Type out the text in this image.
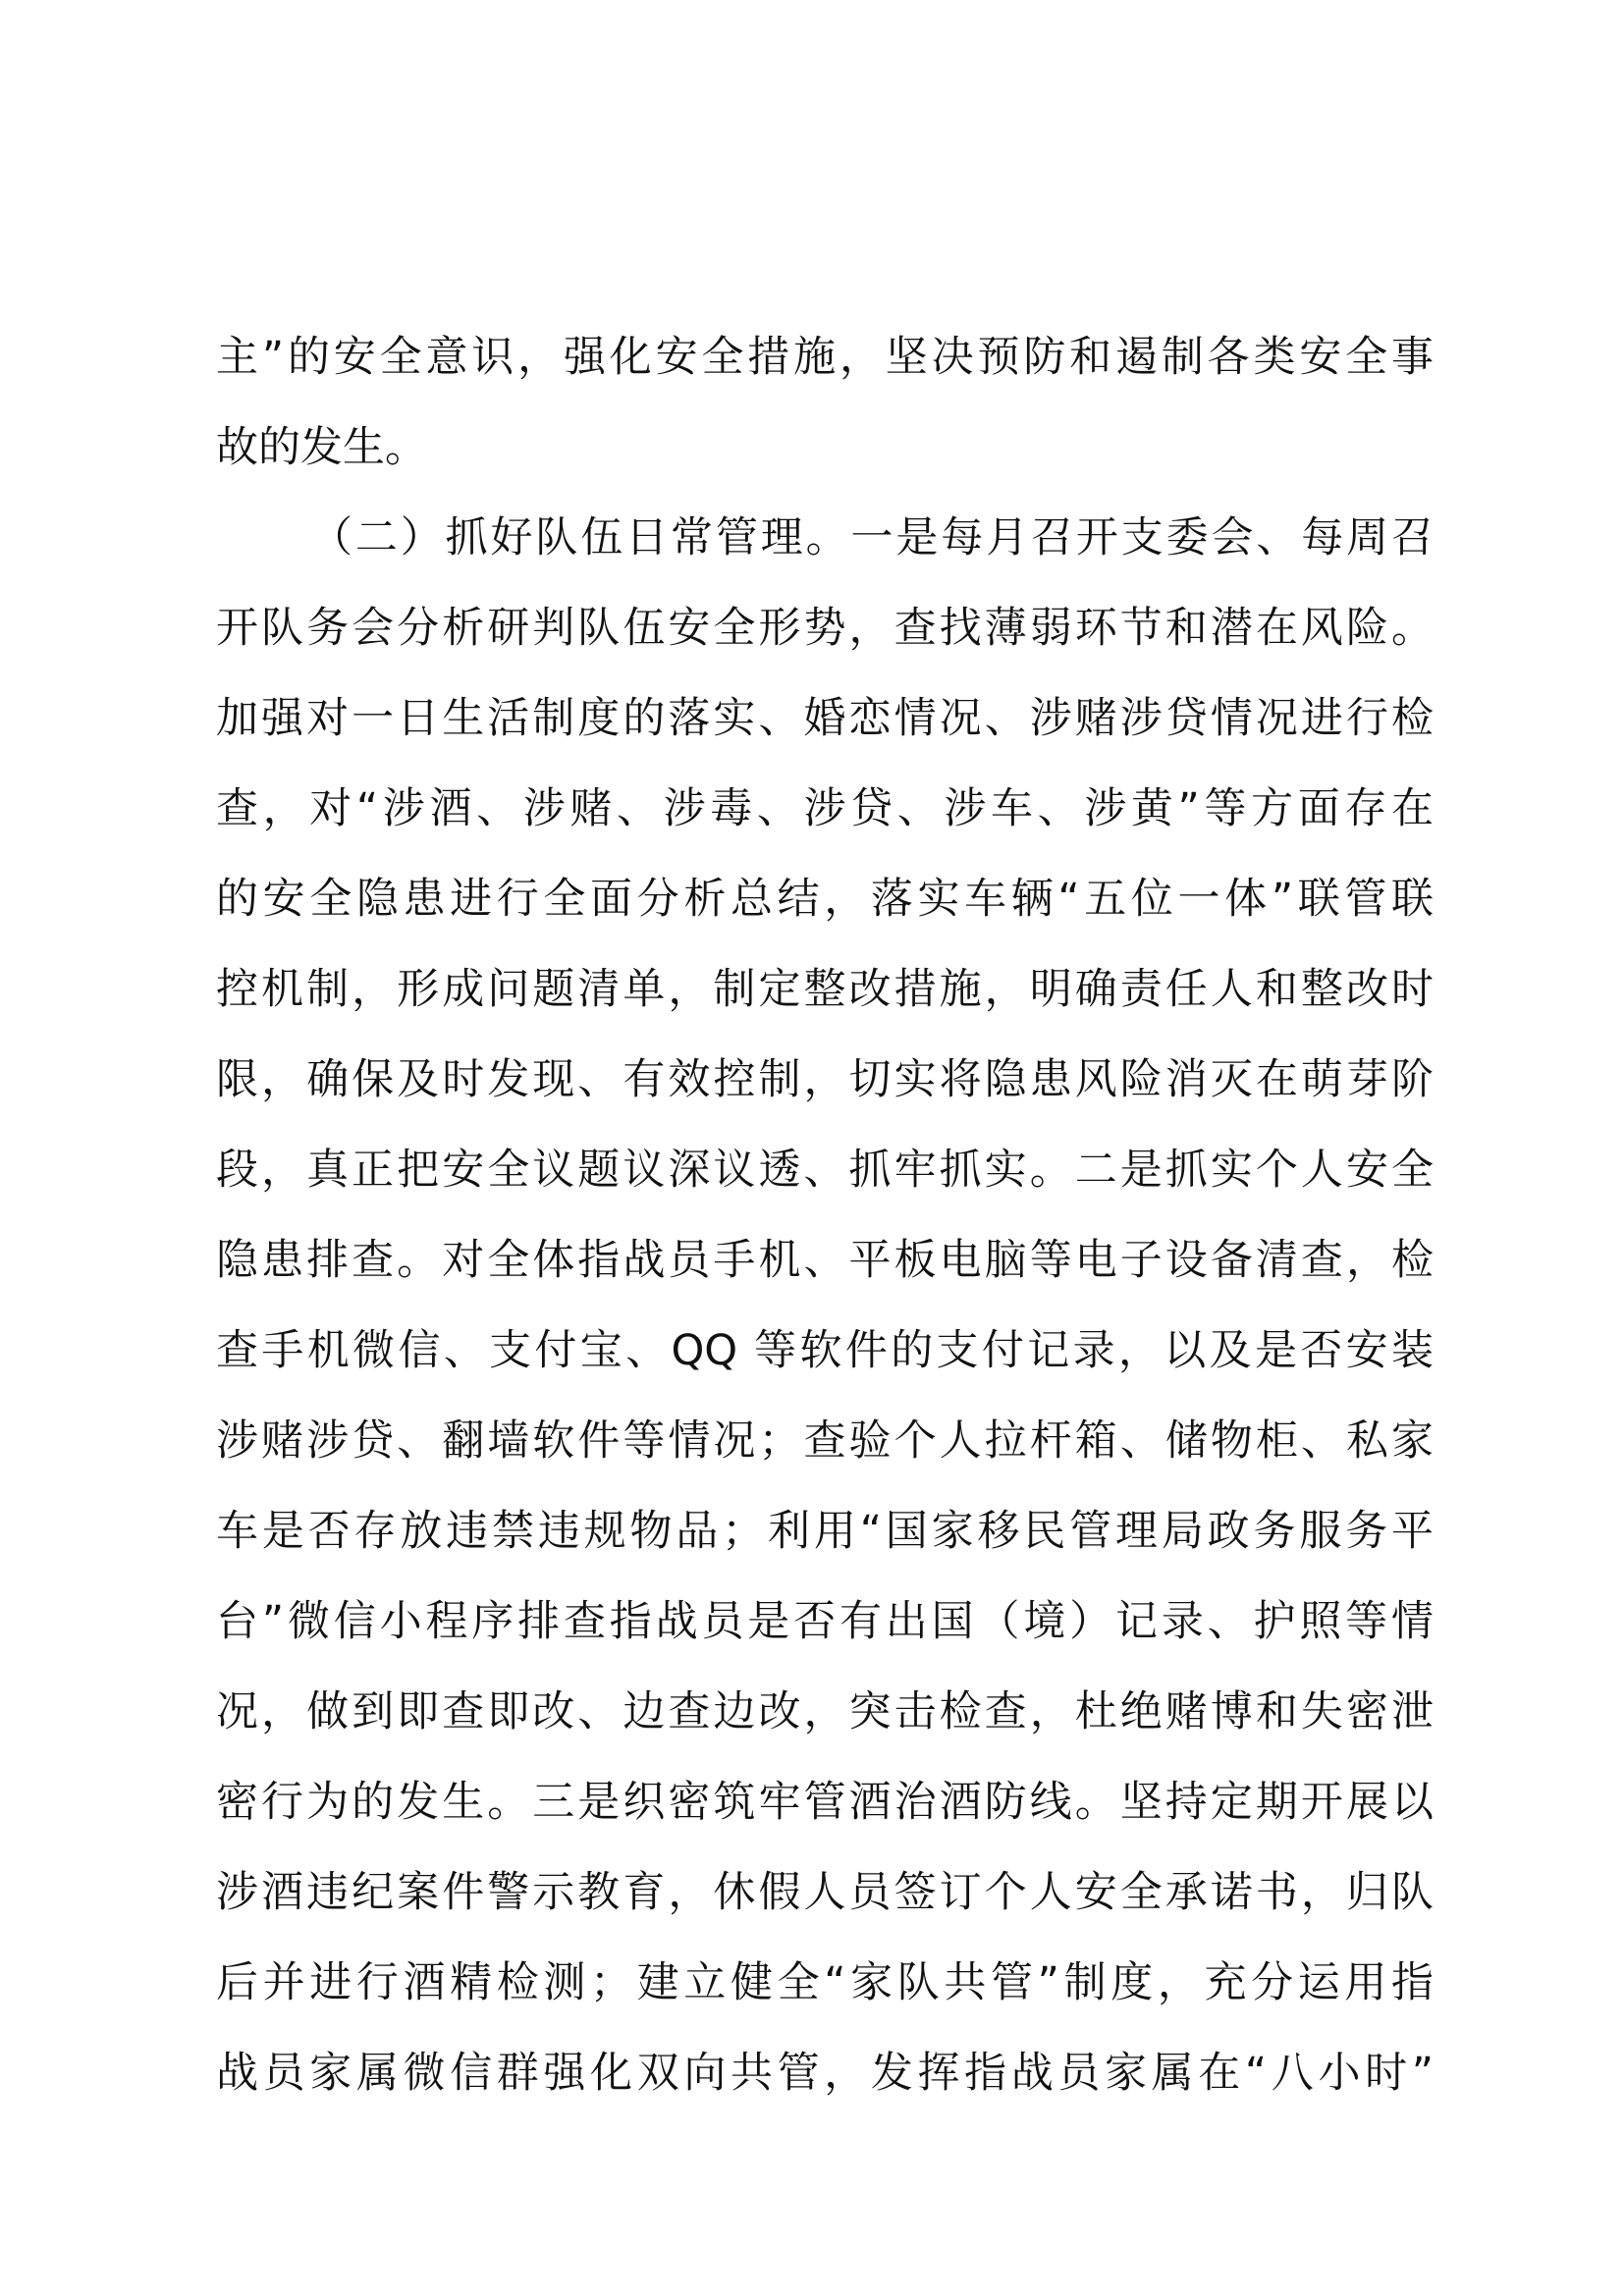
主”的安全意识，强化安全措施，坚决预防和遏制各类安全事
故的发生。
（二）抓好队伍日常管理。一是每月召开支委会、每周召
开队务会分析研判队伍安全形势，查找薄弱环节和潜在风险。
加强对一日生活制度的落实、婚恋情况、涉赌涉贷情况进行检
查，对“涉酒、涉赌、涉毒、涉贷、涉车、涉黄”等方面存在
的安全隐患进行全面分析总结，落实车辆“五位一体”联管联
控机制，形成问题清单，制定整改措施，明确责任人和整改时
限，确保及时发现、有效控制，切实将隐患风险消灭在萌芽阶
段，真正把安全议题议深议透、抓牢抓实。二是抓实个人安全
隐患排查。对全体指战员手机、平板电脑等电子设备清查，检
查手机微信、支付宝、QQ 等软件的支付记录，以及是否安装
涉赌涉贷、翻墙软件等情况；查验个人拉杆箱、储物柜、私家
车是否存放违禁违规物品；利用“国家移民管理局政务服务平
台”微信小程序排查指战员是否有出国（境）记录、护照等情
况，做到即查即改、边查边改，突击检查，杜绝赌博和失密泄
密行为的发生。三是织密筑牢管酒治酒防线。坚持定期开展以
涉酒违纪案件警示教育，休假人员签订个人安全承诺书，归队
后并进行酒精检测；建立健全“家队共管”制度，充分运用指
战员家属微信群强化双向共管，发挥指战员家属在“八小时”
